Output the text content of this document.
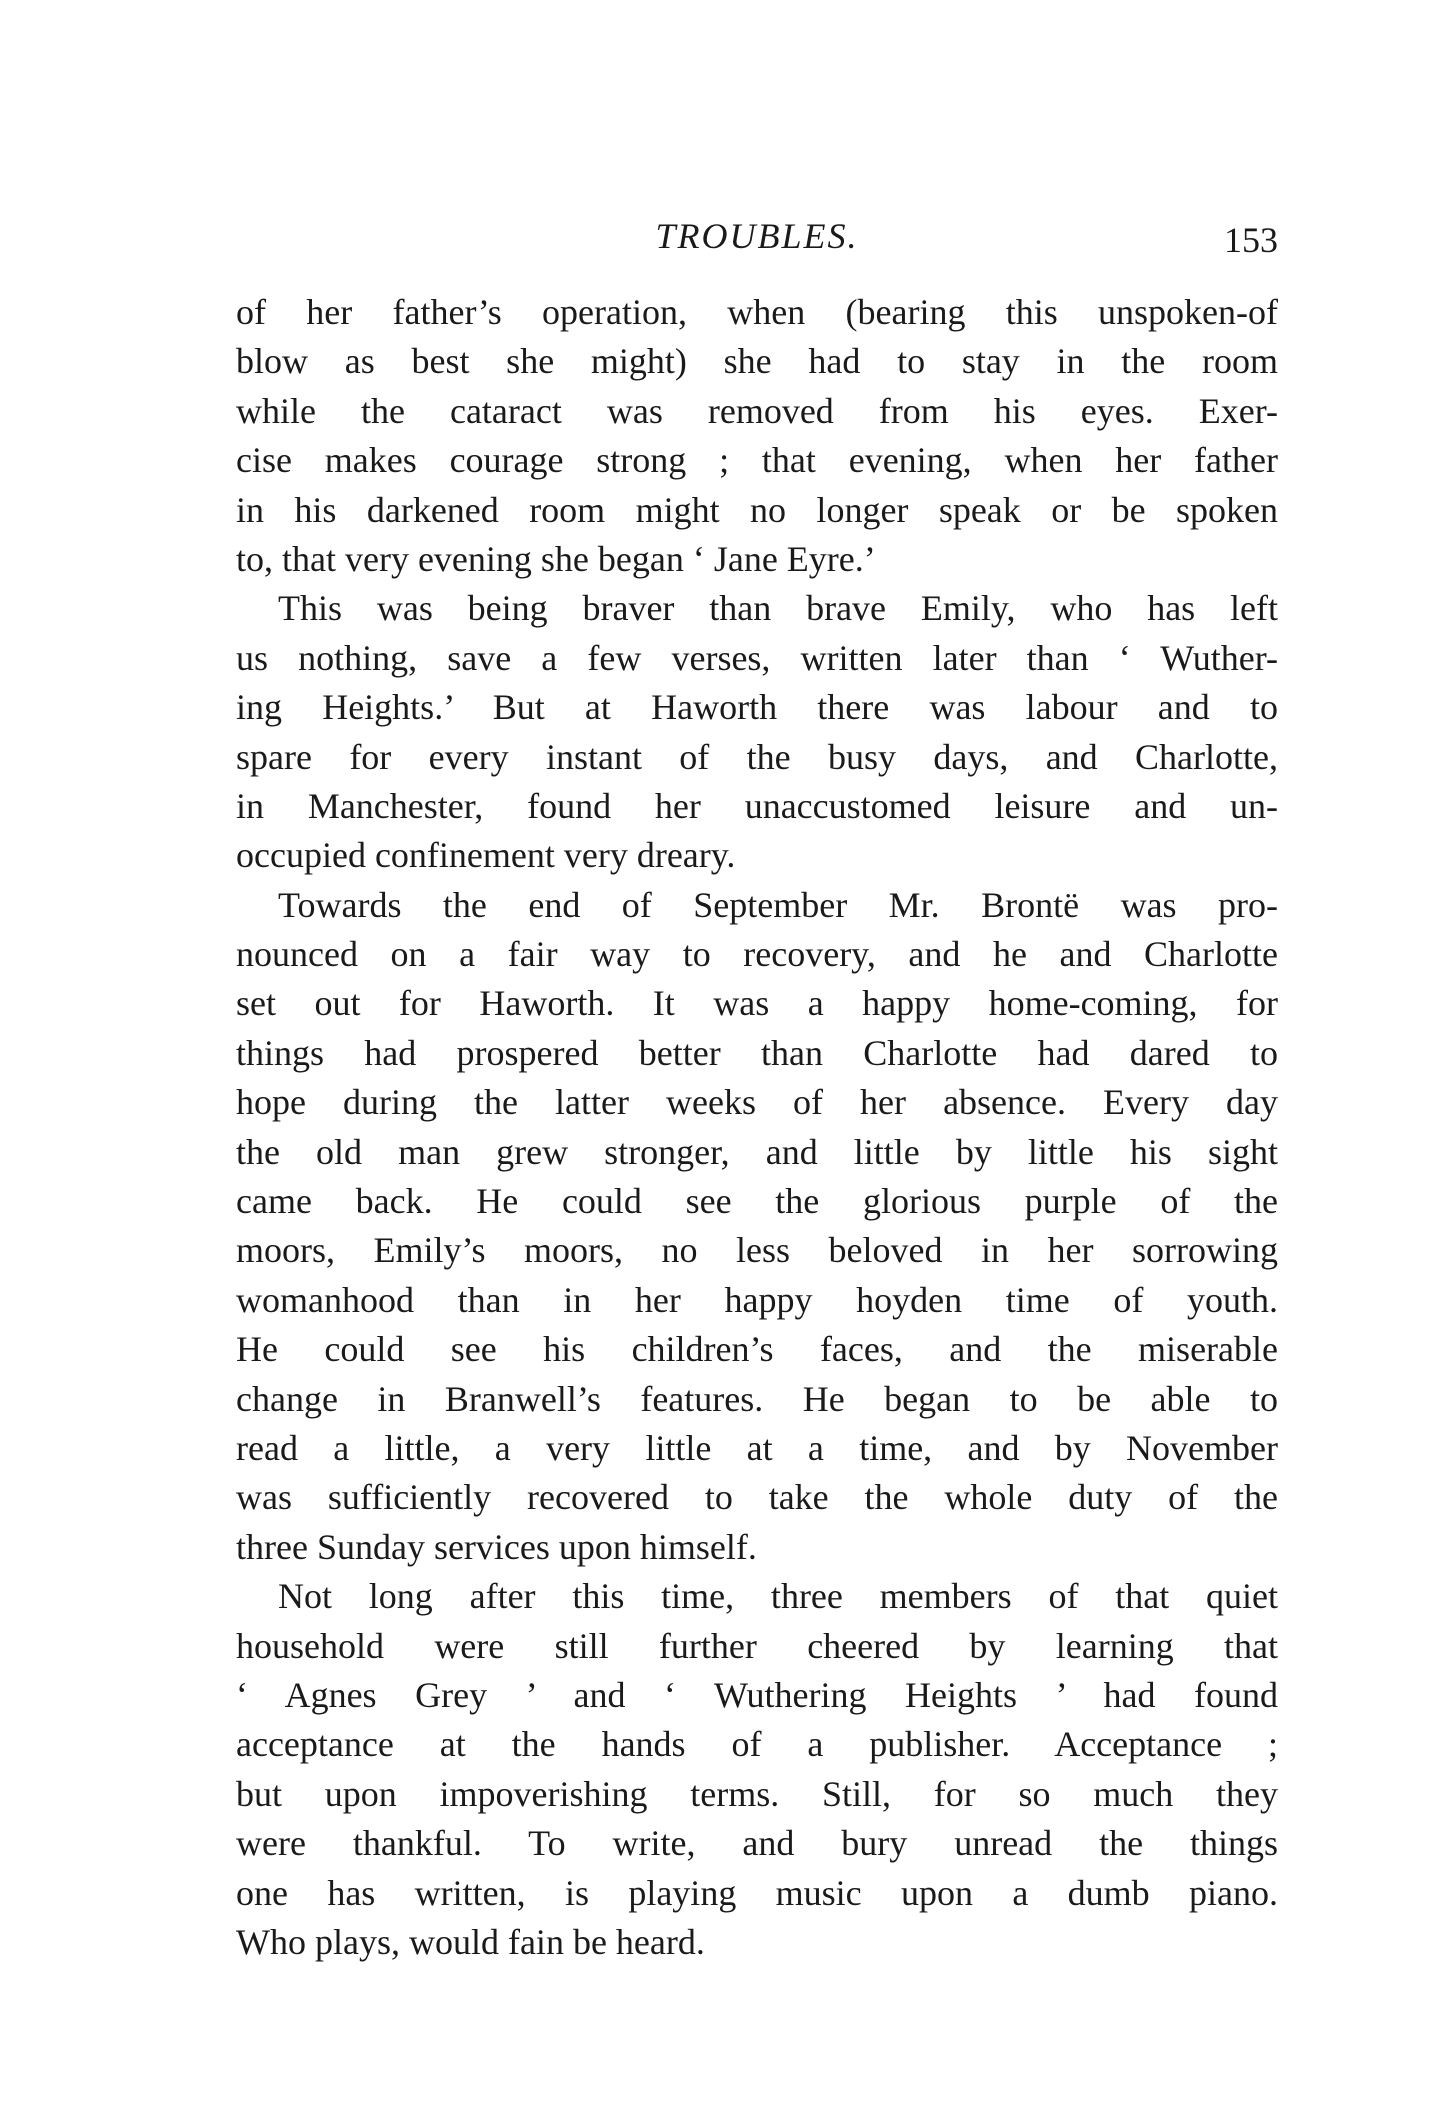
TROUBLES.	153
of her father’s operation, when (bearing this unspoken-of
blow as best she might) she had to stay in the room
while the cataract was removed from his eyes. Exer-
cise makes courage strong ; that evening, when her father
in his darkened room might no longer speak or be spoken
to, that very evening she began ‘ Jane Eyre.’
This was being braver than brave Emily, who has left
us nothing, save a few verses, written later than ‘ Wuther-
ing Heights.’ But at Haworth there was labour and to
spare for every instant of the busy days, and Charlotte,
in Manchester, found her unaccustomed leisure and un-
occupied confinement very dreary.
Towards the end of September Mr. Brontë was pro-
nounced on a fair way to recovery, and he and Charlotte
set out for Haworth. It was a happy home-coming, for
things had prospered better than Charlotte had dared to
hope during the latter weeks of her absence. Every day
the old man grew stronger, and little by little his sight
came back. He could see the glorious purple of the
moors, Emily’s moors, no less beloved in her sorrowing
womanhood than in her happy hoyden time of youth.
He could see his children’s faces, and the miserable
change in Branwell’s features. He began to be able to
read a little, a very little at a time, and by November
was sufficiently recovered to take the whole duty of the
three Sunday services upon himself.
Not long after this time, three members of that quiet
household were still further cheered by learning that
‘ Agnes Grey ’ and ‘ Wuthering Heights ’ had found
acceptance at the hands of a publisher. Acceptance ;
but upon impoverishing terms. Still, for so much they
were thankful. To write, and bury unread the things
one has written, is playing music upon a dumb piano.
Who plays, would fain be heard.
